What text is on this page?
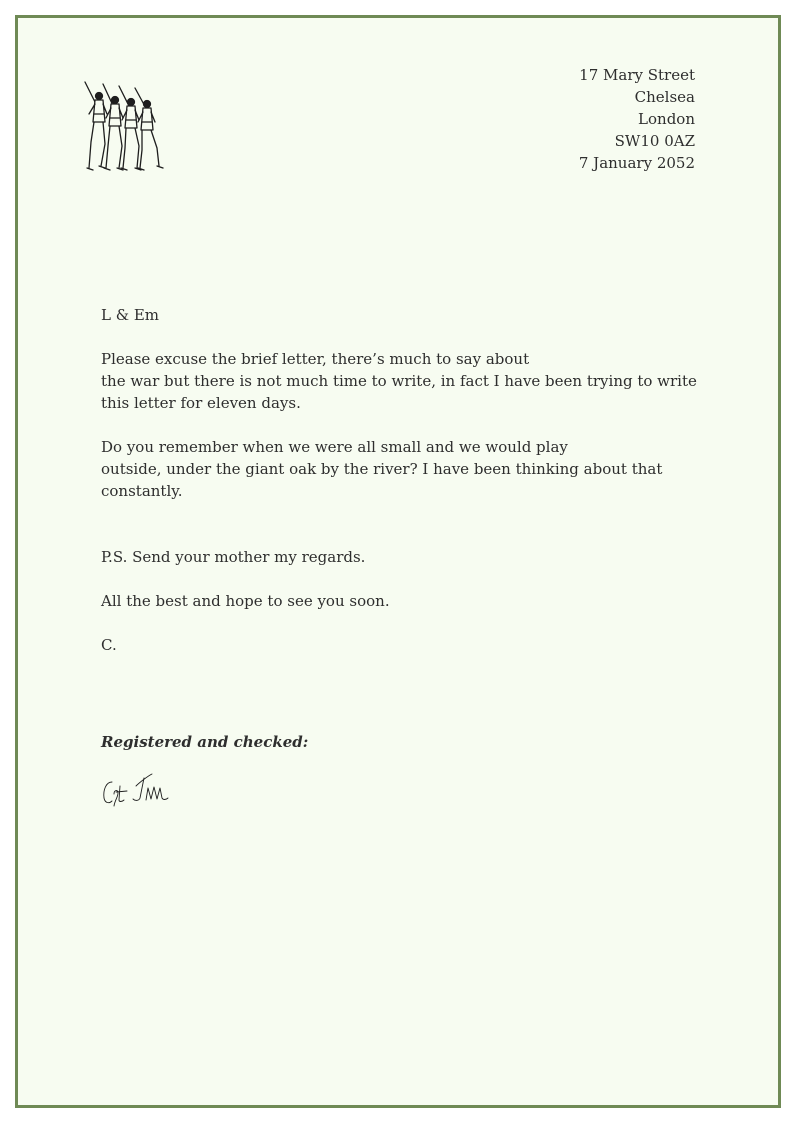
17 Mary Street
Chelsea
London
SW10 0AZ
7 January 2052

L & Em

Please excuse the brief letter, there’s much to say about
the war but there is not much time to write, in fact I have been trying to write
this letter for eleven days.

Do you remember when we were all small and we would play
outside, under the giant oak by the river? I have been thinking about that
constantly.

P.S. Send your mother my regards.

All the best and hope to see you soon.

C.

Registered and checked:
